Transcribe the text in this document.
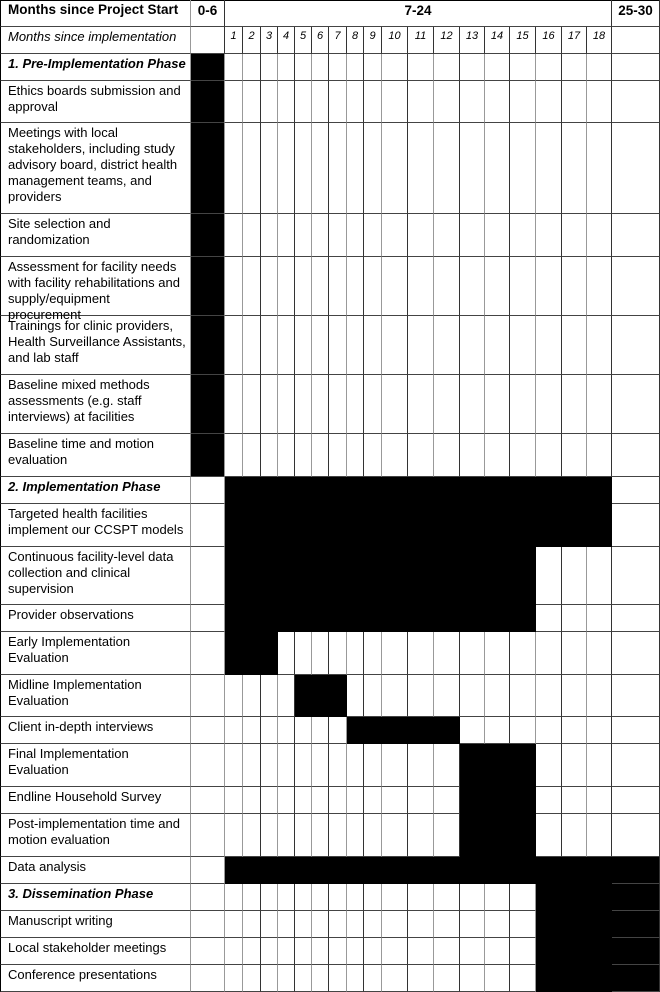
Months since Project Start	0-6	7-24	25-30
Months since implementation	1	2	3 4 5 6	7	8	9	10	11	12	13	14	15	16	17	18
1. Pre-Implementation Phase
Ethics boards submission and approval
Meetings with local stakeholders, including study advisory board, district health management teams, and providers
Site selection and randomization
Assessment for facility needs with facility rehabilitations and supply/equipment procurement
Trainings for clinic providers, Health Surveillance Assistants, and lab staff
Baseline mixed methods assessments (e.g. staff interviews) at facilities
Baseline time and motion evaluation
2. Implementation Phase
Targeted health facilities implement our CCSPT models
Continuous facility-level data collection and clinical supervision
Provider observations
Early Implementation Evaluation
Midline Implementation Evaluation
Client in-depth interviews
Final Implementation Evaluation
Endline Household Survey
Post-implementation time and motion evaluation
Data analysis
3. Dissemination Phase
Manuscript writing
Local stakeholder meetings
Conference presentations
